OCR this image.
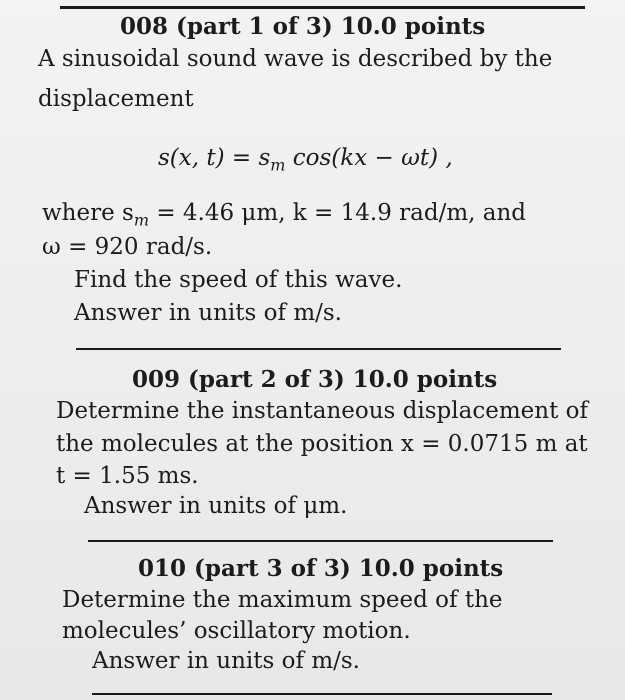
008 (part 1 of 3) 10.0 points
A sinusoidal sound wave is described by the
displacement
s(x, $t) = s_m$ cos(kx − ωt) ,
where $s_m = 4.46$ μm, k = 14.9 rad/m, and
ω = 920 rad/s.
Find the speed of this wave.
Answer in units of m/s.
009 (part 2 of 3) 10.0 points
Determine the instantaneous displacement of
the molecules at the position x = 0.0715 m at
t = 1.55 ms.
Answer in units of μm.
010 (part 3 of 3) 10.0 points
Determine the maximum speed of the
molecules’ oscillatory motion.
Answer in units of m/s.
